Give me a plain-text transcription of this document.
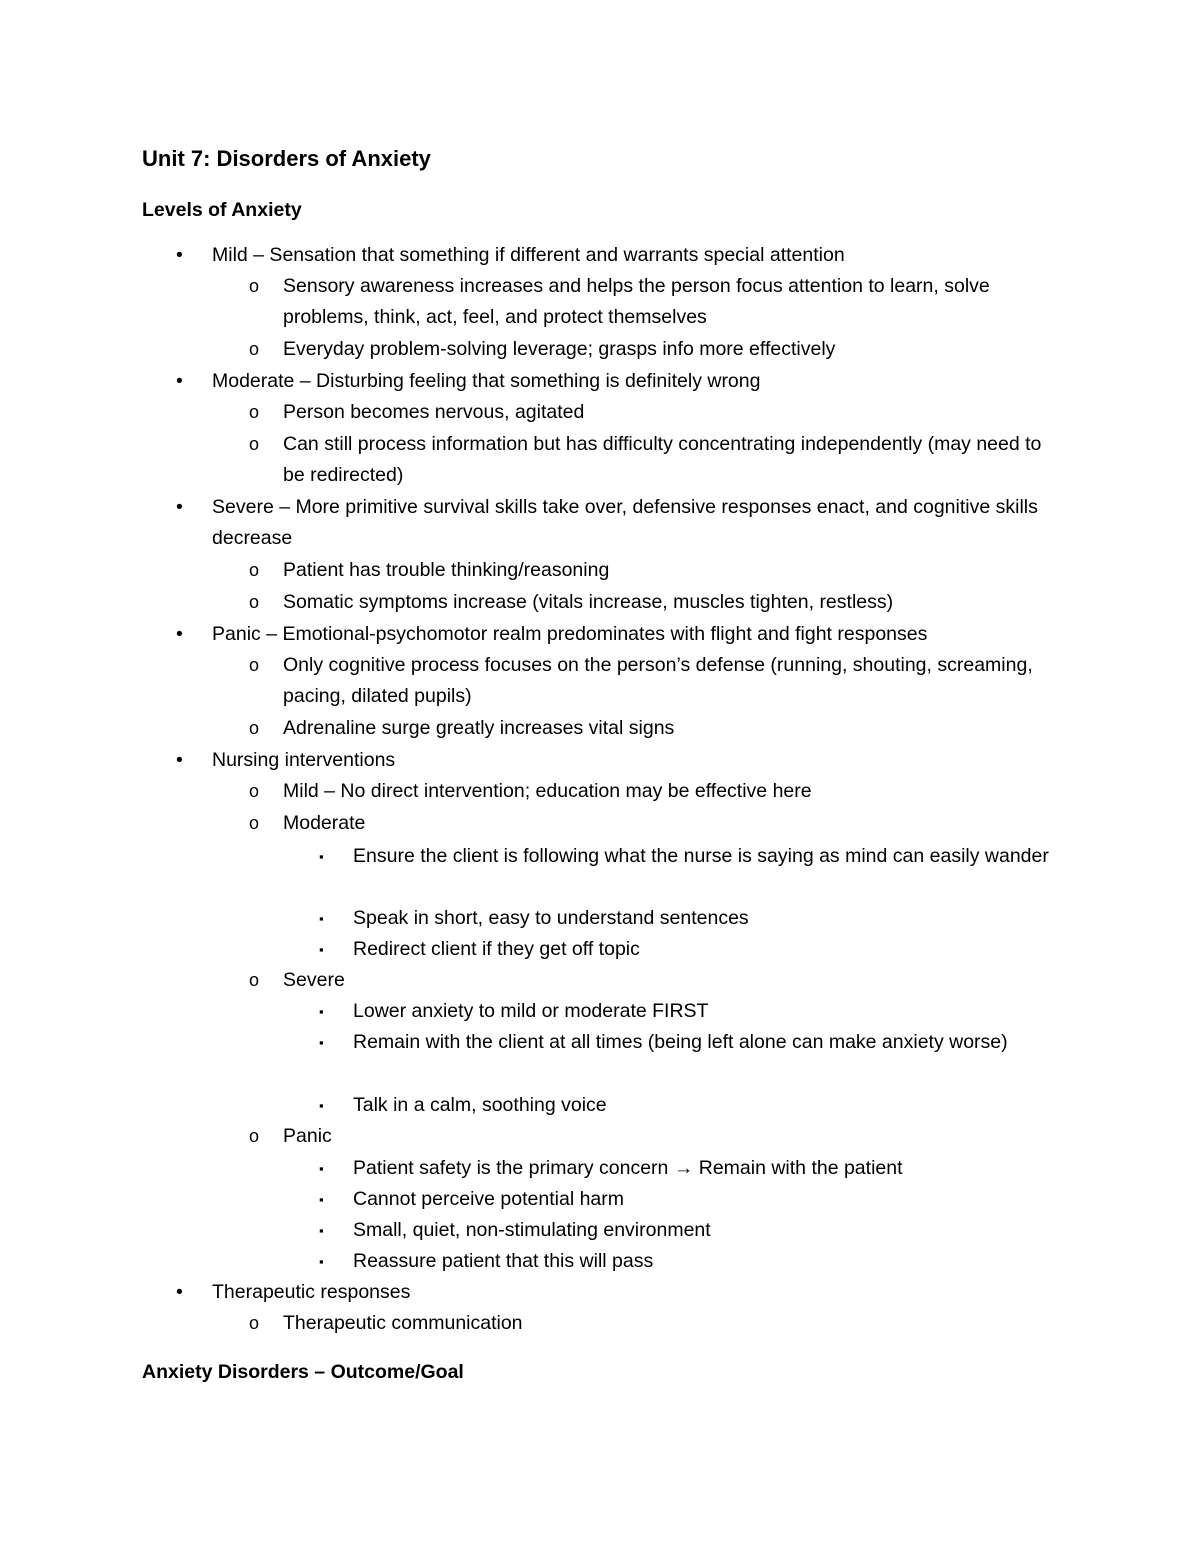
Unit 7: Disorders of Anxiety
Levels of Anxiety
• Mild – Sensation that something if different and warrants special attention
o Sensory awareness increases and helps the person focus attention to learn, solve problems, think, act, feel, and protect themselves
o Everyday problem-solving leverage; grasps info more effectively
• Moderate – Disturbing feeling that something is definitely wrong
o Person becomes nervous, agitated
o Can still process information but has difficulty concentrating independently (may need to be redirected)
• Severe – More primitive survival skills take over, defensive responses enact, and cognitive skills decrease
o Patient has trouble thinking/reasoning
o Somatic symptoms increase (vitals increase, muscles tighten, restless)
• Panic – Emotional-psychomotor realm predominates with flight and fight responses
o Only cognitive process focuses on the person’s defense (running, shouting, screaming, pacing, dilated pupils)
o Adrenaline surge greatly increases vital signs
• Nursing interventions
o Mild – No direct intervention; education may be effective here
o Moderate
▪ Ensure the client is following what the nurse is saying as mind can easily wander
▪ Speak in short, easy to understand sentences
▪ Redirect client if they get off topic
o Severe
▪ Lower anxiety to mild or moderate FIRST
▪ Remain with the client at all times (being left alone can make anxiety worse)
▪ Talk in a calm, soothing voice
o Panic
▪ Patient safety is the primary concern → Remain with the patient
▪ Cannot perceive potential harm
▪ Small, quiet, non-stimulating environment
▪ Reassure patient that this will pass
• Therapeutic responses
o Therapeutic communication
Anxiety Disorders – Outcome/Goal
